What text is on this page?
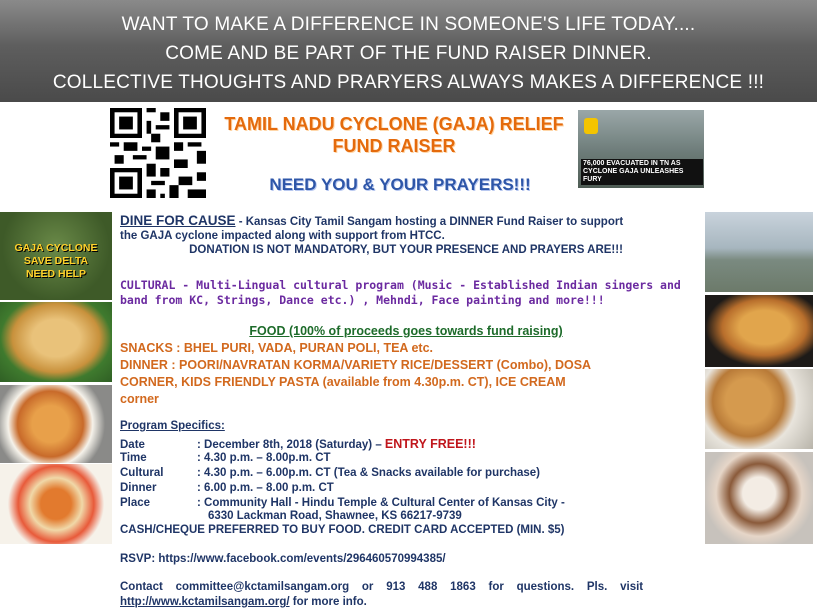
WANT TO MAKE A DIFFERENCE IN SOMEONE'S LIFE TODAY....
COME AND BE PART OF THE FUND RAISER DINNER.
COLLECTIVE THOUGHTS AND PRARYERS ALWAYS MAKES A DIFFERENCE !!!
TAMIL NADU CYCLONE (GAJA) RELIEF
FUND RAISER
NEED YOU & YOUR PRAYERS!!!
76,000 EVACUATED IN TN AS CYCLONE GAJA UNLEASHES FURY
GAJA CYCLONE
SAVE DELTA
NEED HELP
DINE FOR CAUSE - Kansas City Tamil Sangam hosting a DINNER Fund Raiser to support
the GAJA cyclone impacted along with support from HTCC.
DONATION IS NOT MANDATORY, BUT YOUR PRESENCE AND PRAYERS ARE!!!
CULTURAL - Multi-Lingual cultural program (Music - Established Indian singers and
band from KC, Strings, Dance etc.) , Mehndi, Face painting and more!!!
FOOD (100% of proceeds goes towards fund raising)
SNACKS : BHEL PURI, VADA, PURAN POLI, TEA etc.
DINNER : POORI/NAVRATAN KORMA/VARIETY RICE/DESSERT (Combo), DOSA
CORNER, KIDS FRIENDLY PASTA (available from 4.30p.m. CT), ICE CREAM
corner
Program Specifics:
Date	: December 8th, 2018 (Saturday) – ENTRY FREE!!!
Time	: 4.30 p.m. – 8.00p.m. CT
Cultural	: 4.30 p.m. – 6.00p.m. CT (Tea & Snacks available for purchase)
Dinner	: 6.00 p.m. – 8.00 p.m. CT
Place	: Community Hall - Hindu Temple & Cultural Center of Kansas City -
6330 Lackman Road, Shawnee, KS 66217-9739
CASH/CHEQUE PREFERRED TO BUY FOOD. CREDIT CARD ACCEPTED (MIN. $5)
RSVP: https://www.facebook.com/events/296460570994385/
Contact    committee@kctamilsangam.org    or    913    488    1863    for    questions.    Pls.    visit
http://www.kctamilsangam.org/ for more info.
